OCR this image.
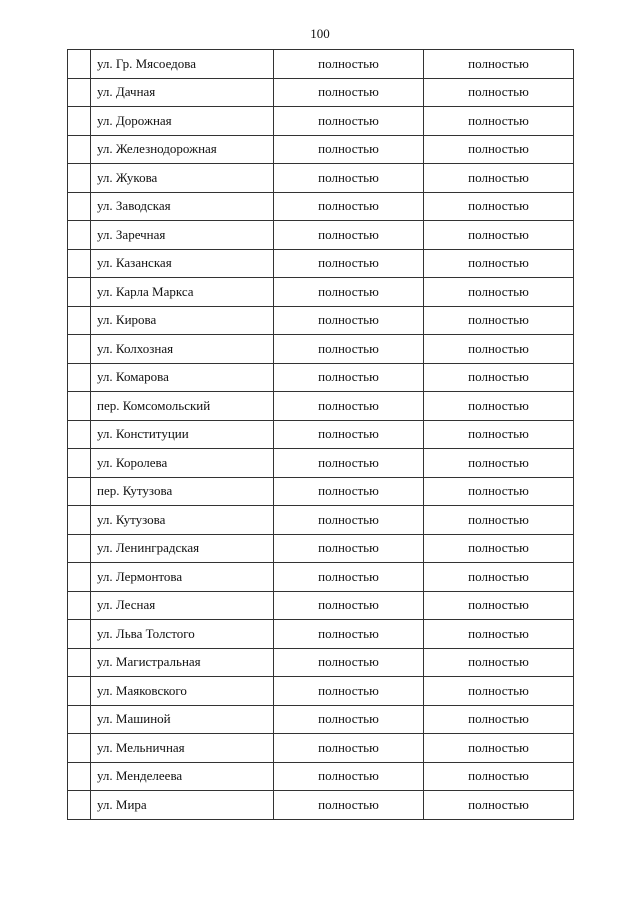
100
	ул. Гр. Мясоедова	полностью	полностью
	ул. Дачная	полностью	полностью
	ул. Дорожная	полностью	полностью
	ул. Железнодорожная	полностью	полностью
	ул. Жукова	полностью	полностью
	ул. Заводская	полностью	полностью
	ул. Заречная	полностью	полностью
	ул. Казанская	полностью	полностью
	ул. Карла Маркса	полностью	полностью
	ул. Кирова	полностью	полностью
	ул. Колхозная	полностью	полностью
	ул. Комарова	полностью	полностью
	пер. Комсомольский	полностью	полностью
	ул. Конституции	полностью	полностью
	ул. Королева	полностью	полностью
	пер. Кутузова	полностью	полностью
	ул. Кутузова	полностью	полностью
	ул. Ленинградская	полностью	полностью
	ул. Лермонтова	полностью	полностью
	ул. Лесная	полностью	полностью
	ул. Льва Толстого	полностью	полностью
	ул. Магистральная	полностью	полностью
	ул. Маяковского	полностью	полностью
	ул. Машиной	полностью	полностью
	ул. Мельничная	полностью	полностью
	ул. Менделеева	полностью	полностью
	ул. Мира	полностью	полностью
